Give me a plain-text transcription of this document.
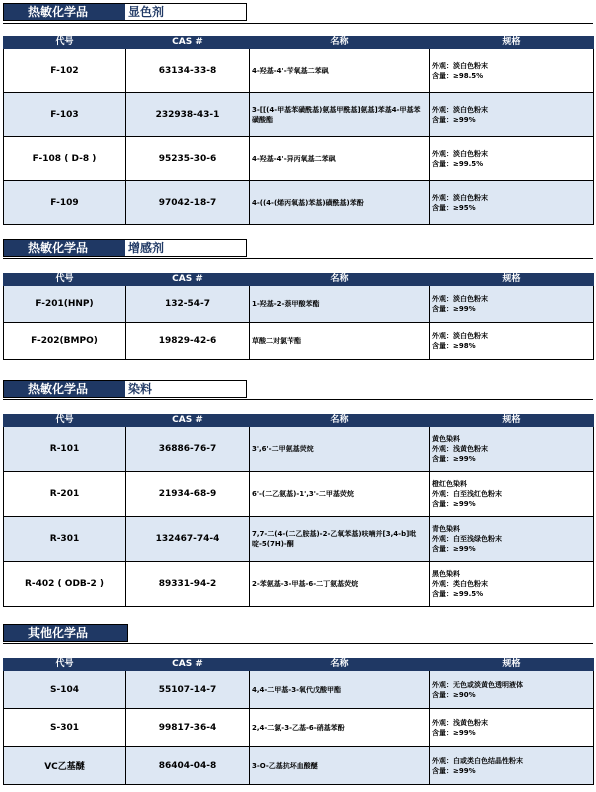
热敏化学品	显色剂
代号	CAS #	名称	规格
F-102	63134-33-8	4-羟基-4'-苄氧基二苯砜	外观：淡白色粉末
含量：≥98.5%

F-103	232938-43-1	3-[[(4-甲基苯磺酰基)氨基甲酰基]氨基]苯基4-甲基苯磺酸酯	外观：淡白色粉末
含量：≥99%

F-108 ( D-8 )	95235-30-6	4-羟基-4'-异丙氧基二苯砜	外观：淡白色粉末
含量：≥99.5%

F-109	97042-18-7	4-((4-(烯丙氧基)苯基)磺酰基)苯酚	外观：淡白色粉末
含量：≥95%
热敏化学品	增感剂
代号	CAS #	名称	规格
F-201(HNP)	132-54-7	1-羟基-2-萘甲酸苯酯	外观：淡白色粉末
含量：≥99%

F-202(BMPO)	19829-42-6	草酸二对氯苄酯	外观：淡白色粉末
含量：≥98%
热敏化学品	染料
代号	CAS #	名称	规格
R-101	36886-76-7	3',6'-二甲氨基荧烷	黄色染料
外观：浅黄色粉末
含量：≥99%

R-201	21934-68-9	6'-(二乙氨基)-1',3'-二甲基荧烷	橙红色染料
外观：白至浅红色粉末
含量：≥99%

R-301	132467-74-4	7,7-二(4-(二乙胺基)-2-乙氧苯基)呋喃并[3,4-b]吡啶-5(7H)-酮	青色染料
外观：白至浅绿色粉末
含量：≥99%

R-402 ( ODB-2 )	89331-94-2	2-苯氨基-3-甲基-6-二丁氨基荧烷	黑色染料
外观：类白色粉末
含量：≥99.5%
其他化学品
代号	CAS #	名称	规格
S-104	55107-14-7	4,4-二甲基-3-氧代戊酸甲酯	外观：无色或淡黄色透明液体
含量：≥90%

S-301	99817-36-4	2,4-二氯-3-乙基-6-硝基苯酚	外观：浅黄色粉末
含量：≥99%

VC乙基醚	86404-04-8	3-O-乙基抗坏血酸醚	外观：白或类白色结晶性粉末
含量：≥99%
